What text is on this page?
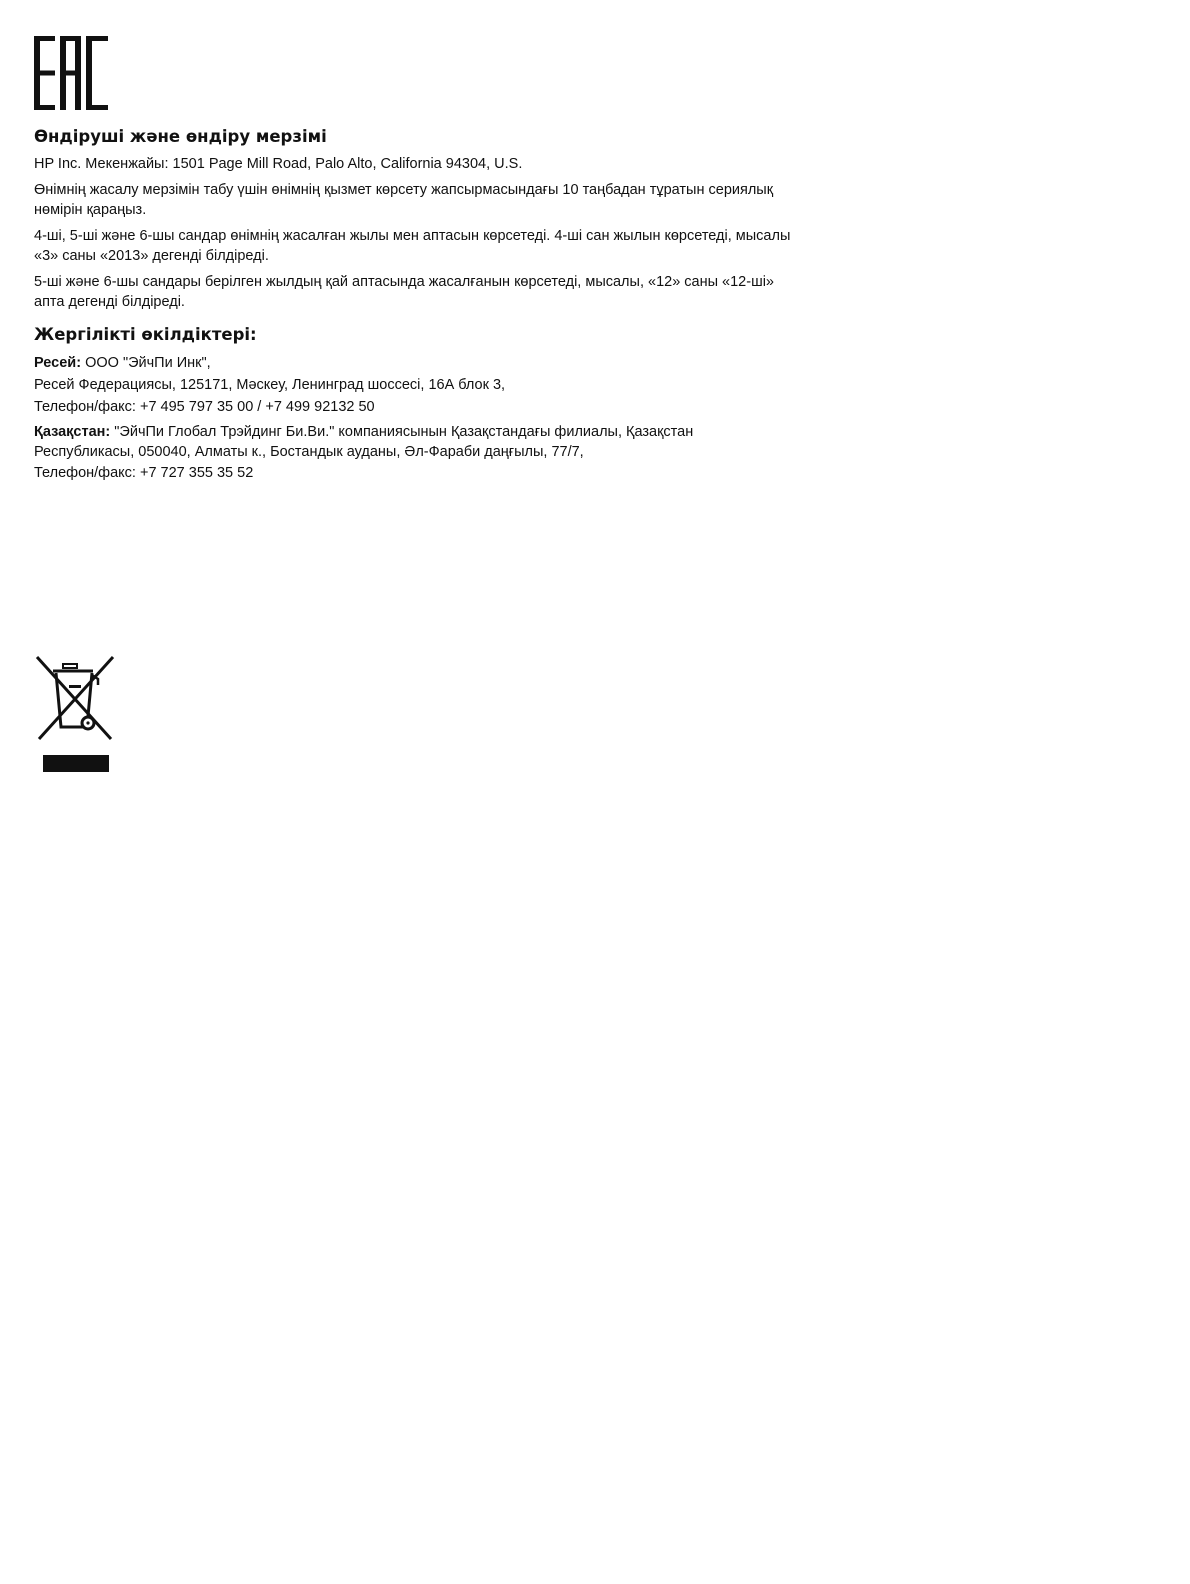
Өндіруші және өндіру мерзімі

HP Inc. Мекенжайы: 1501 Page Mill Road, Palo Alto, California 94304, U.S.

Өнімнің жасалу мерзімін табу үшін өнімнің қызмет көрсету жапсырмасындағы 10 таңбадан тұратын сериялық нөмірін қараңыз.

4-ші, 5-ші және 6-шы сандар өнімнің жасалған жылы мен аптасын көрсетеді. 4-ші сан жылын көрсетеді, мысалы «3» саны «2013» дегенді білдіреді.

5-ші және 6-шы сандары берілген жылдың қай аптасында жасалғанын көрсетеді, мысалы, «12» саны «12-ші» апта дегенді білдіреді.

Жергілікті өкілдіктері:
Ресей: ООО "ЭйчПи Инк",
Ресей Федерациясы, 125171, Мәскеу, Ленинград шоссесі, 16А блок 3,
Телефон/факс: +7 495 797 35 00 / +7 499 92132 50

Қазақстан: "ЭйчПи Глобал Трэйдинг Би.Ви." компаниясынын Қазақстандағы филиалы, Қазақстан Республикасы, 050040, Алматы к., Бостандык ауданы, Әл-Фараби даңғылы, 77/7,

Телефон/факс: +7 727 355 35 52
